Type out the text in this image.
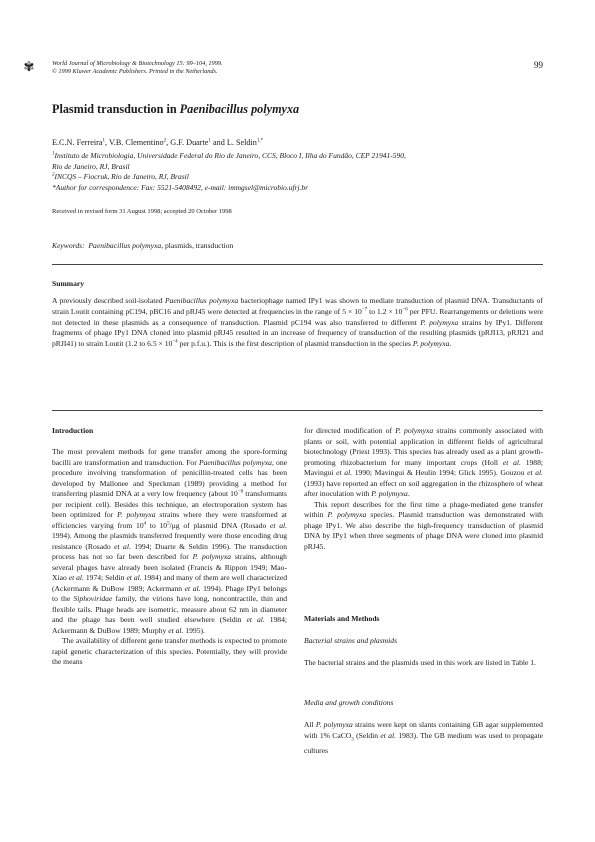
✾	World Journal of Microbiology & Biotechnology 15: 99–104, 1999.
© 1999 Kluwer Academic Publishers. Printed in the Netherlands.
99
Plasmid transduction in Paenibacillus polymyxa
E.C.N. Ferreira$^1$, V.B. Clementino$^2$, G.F. Duarte$^1$ and L. Seldin$^{1,*}$
$^1$Instituto de Microbiologia, Universidade Federal do Rio de Janeiro, CCS, Bloco I, Ilha do Fundão, CEP 21941-590,
Rio de Janeiro, RJ, Brasil
$^2$INCQS – Fiocruk, Rio de Janeiro, RJ, Brasil
*Author for correspondence: Fax: 5521-5408492, e-mail: immgsel@microbio.ufrj.br
Received in revised form 31 August 1998; accepted 20 October 1998
Keywords: Paenibacillus polymyxa, plasmids, transduction
Summary
A previously described soil-isolated Paenibacillus polymyxa bacteriophage named IPy1 was shown to mediate transduction of plasmid DNA. Transductants of strain Loutit containing pC194, pBC16 and pRJ45 were detected at frequencies in the range of $5 \times 10^{-7}$ to $1.2 \times 10^{-6}$ per PFU. Rearrangements or deletions were not detected in these plasmids as a consequence of transduction. Plasmid pC194 was also transferred to different P. polymyxa strains by IPy1. Different fragments of phage IPy1 DNA cloned into plasmid pRJ45 resulted in an increase of frequency of transduction of the resulting plasmids (pRJI13, pRJI21 and pRJI41) to strain Loutit (1.2 to $6.5 \times 10^{-4}$ per p.f.u.). This is the first description of plasmid transduction in the species P. polymyxa.
Introduction

The most prevalent methods for gene transfer among the spore-forming bacilli are transformation and transduction. For Paenibacillus polymyxa, one procedure involving transformation of penicillin-treated cells has been developed by Mallonee and Speckman (1989) providing a method for transferring plasmid DNA at a very low frequency (about $10^{-6}$ transformants per recipient cell). Besides this technique, an electroporation system has been optimized for P. polymyxa strains where they were transformed at efficiencies varying from $10^4$ to $10^5/\mu g$ of plasmid DNA (Rosado et al. 1994). Among the plasmids transferred frequently were those encoding drug resistance (Rosado et al. 1994; Duarte & Seldin 1996). The transduction process has not so far been described for P. polymyxa strains, although several phages have already been isolated (Francis & Rippon 1949; Mao-Xiao et al. 1974; Seldin et al. 1984) and many of them are well characterized (Ackermann & DuBow 1989; Ackermann et al. 1994). Phage IPy1 belongs to the Siphoviridae family, the virions have long, noncontractile, thin and flexible tails. Phage heads are isometric, measure about 62 nm in diameter and the phage has been well studied elsewhere (Seldin et al. 1984; Ackermann & DuBow 1989; Murphy et al. 1995).

The availability of different gene transfer methods is expected to promote rapid genetic characterization of this species. Potentially, they will provide the means

for directed modification of P. polymyxa strains commonly associated with plants or soil, with potential application in different fields of agricultural biotechnology (Priest 1993). This species has already used as a plant growth-promoting rhizobacterium for many important crops (Holl et al. 1988; Mavingui et al. 1990; Mavingui & Heulin 1994; Glick 1995). Gouzou et al. (1993) have reported an effect on soil aggregation in the rhizosphere of wheat after inoculation with P. polymyxa.

This report describes for the first time a phage-mediated gene transfer within P. polymyxa species. Plasmid transduction was demonstrated with phage IPy1. We also describe the high-frequency transduction of plasmid DNA by IPy1 when three segments of phage DNA were cloned into plasmid pRJ45.

Materials and Methods
Bacterial strains and plasmids

The bacterial strains and the plasmids used in this work are listed in Table 1.

Media and growth conditions

All P. polymyxa strains were kept on slants containing GB agar supplemented with 1% CaCO$_3$ (Seldin et al. 1983). The GB medium was used to propagate cultures
